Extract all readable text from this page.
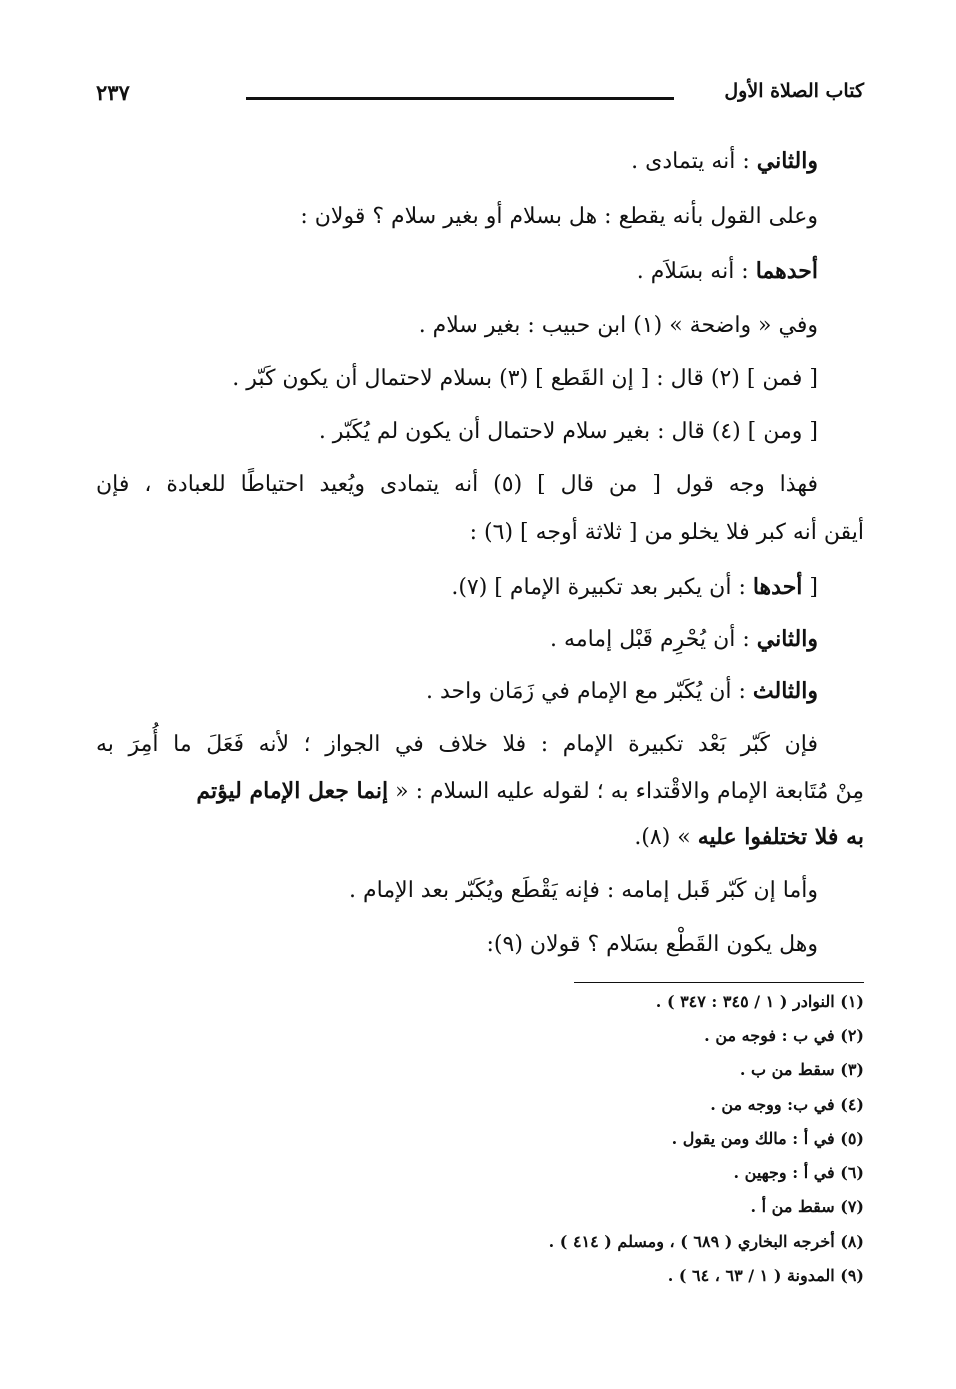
كتاب الصلاة الأول
٢٣٧
والثاني : أنه يتمادى .
وعلى القول بأنه يقطع : هل بسلام أو بغير سلام ؟ قولان :
أحدهما : أنه بسَلاَم .
وفي « واضحة » (١) ابن حبيب : بغير سلام .
[ فمن ] (٢) قال : [ إن القَطع ] (٣) بسلام لاحتمال أن يكون كَبّر .
[ ومن ] (٤) قال : بغير سلام لاحتمال أن يكون لم يُكَبّر .
فهذا وجه قول [ من قال ] (٥) أنه يتمادى ويُعيد احتياطًا للعبادة ، فإن
أيقن أنه كبر فلا يخلو من [ ثلاثة أوجه ] (٦) :
[ أحدها : أن يكبر بعد تكبيرة الإمام ] (٧).
والثاني : أن يُحْرِم قَبْل إمامه .
والثالث : أن يُكَبّر مع الإمام في زَمَان واحد .
فإن كَبّر بَعْد تكبيرة الإمام : فلا خلاف في الجواز ؛ لأنه فَعَلَ ما أُمِرَ به
مِنْ مُتَابعة الإمام والاقْتداء به ؛ لقوله عليه السلام : « إنما جعل الإمام ليؤتم
به فلا تختلفوا عليه » (٨).
وأما إن كَبّر قَبل إمامه : فإنه يَقْطَع ويُكَبّر بعد الإمام .
وهل يكون القَطْع بسَلام ؟ قولان (٩):
(١) النوادر ( ١ / ٣٤٥ : ٣٤٧ ) .
(٢) في ب : فوجه من .
(٣) سقط من ب .
(٤) في ب: ووجه من .
(٥) في أ : مالك ومن يقول .
(٦) في أ : وجهين .
(٧) سقط من أ .
(٨) أخرجه البخاري ( ٦٨٩ ) ، ومسلم ( ٤١٤ ) .
(٩) المدونة ( ١ / ٦٣ ، ٦٤ ) .
